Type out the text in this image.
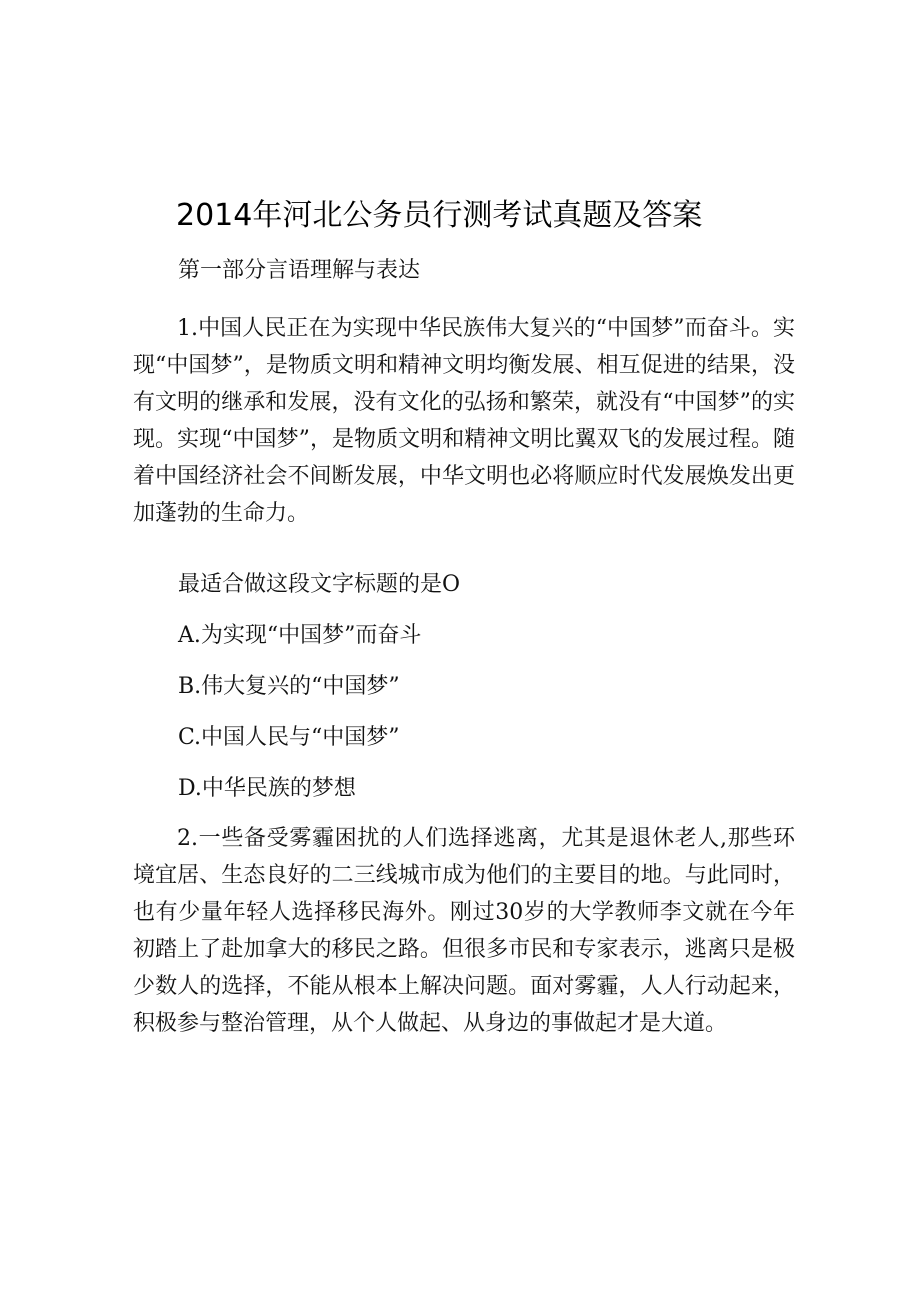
2014年河北公务员行测考试真题及答案
第一部分言语理解与表达
1.中国人民正在为实现中华民族伟大复兴的“中国梦”而奋斗。实现“中国梦”，是物质文明和精神文明均衡发展、相互促进的结果，没有文明的继承和发展，没有文化的弘扬和繁荣，就没有“中国梦”的实现。实现“中国梦”，是物质文明和精神文明比翼双飞的发展过程。随着中国经济社会不间断发展，中华文明也必将顺应时代发展焕发出更加蓬勃的生命力。
最适合做这段文字标题的是O
A.为实现“中国梦”而奋斗
B.伟大复兴的“中国梦”
C.中国人民与“中国梦”
D.中华民族的梦想
2.一些备受雾霾困扰的人们选择逃离，尤其是退休老人,那些环境宜居、生态良好的二三线城市成为他们的主要目的地。与此同时，也有少量年轻人选择移民海外。刚过30岁的大学教师李文就在今年初踏上了赴加拿大的移民之路。但很多市民和专家表示，逃离只是极少数人的选择，不能从根本上解决问题。面对雾霾，人人行动起来，积极参与整治管理，从个人做起、从身边的事做起才是大道。
